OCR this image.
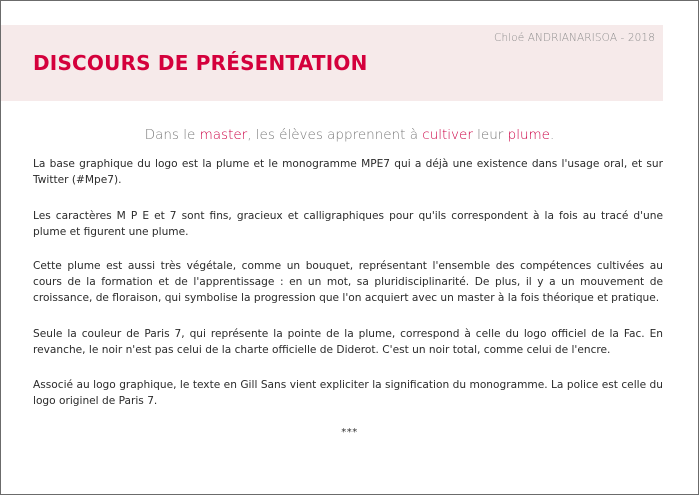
Chloé ANDRIANARISOA - 2018
DISCOURS DE PRÉSENTATION
Dans le master, les élèves apprennent à cultiver leur plume.

La base graphique du logo est la plume et le monogramme MPE7 qui a déjà une existence dans l'usage oral, et sur Twitter (#Mpe7).

Les caractères M P E et 7 sont fins, gracieux et calligraphiques pour qu'ils correspondent à la fois au tracé d'une plume et figurent une plume.

Cette plume est aussi très végétale, comme un bouquet, représentant l'ensemble des compétences cultivées au cours de la formation et de l'apprentissage : en un mot, sa pluridisciplinarité. De plus, il y a un mouvement de croissance, de floraison, qui symbolise la progression que l'on acquiert avec un master à la fois théorique et pratique.

Seule la couleur de Paris 7, qui représente la pointe de la plume, correspond à celle du logo officiel de la Fac. En revanche, le noir n'est pas celui de la charte officielle de Diderot. C'est un noir total, comme celui de l'encre.

Associé au logo graphique, le texte en Gill Sans vient expliciter la signification du monogramme. La police est celle du logo originel de Paris 7.

***
